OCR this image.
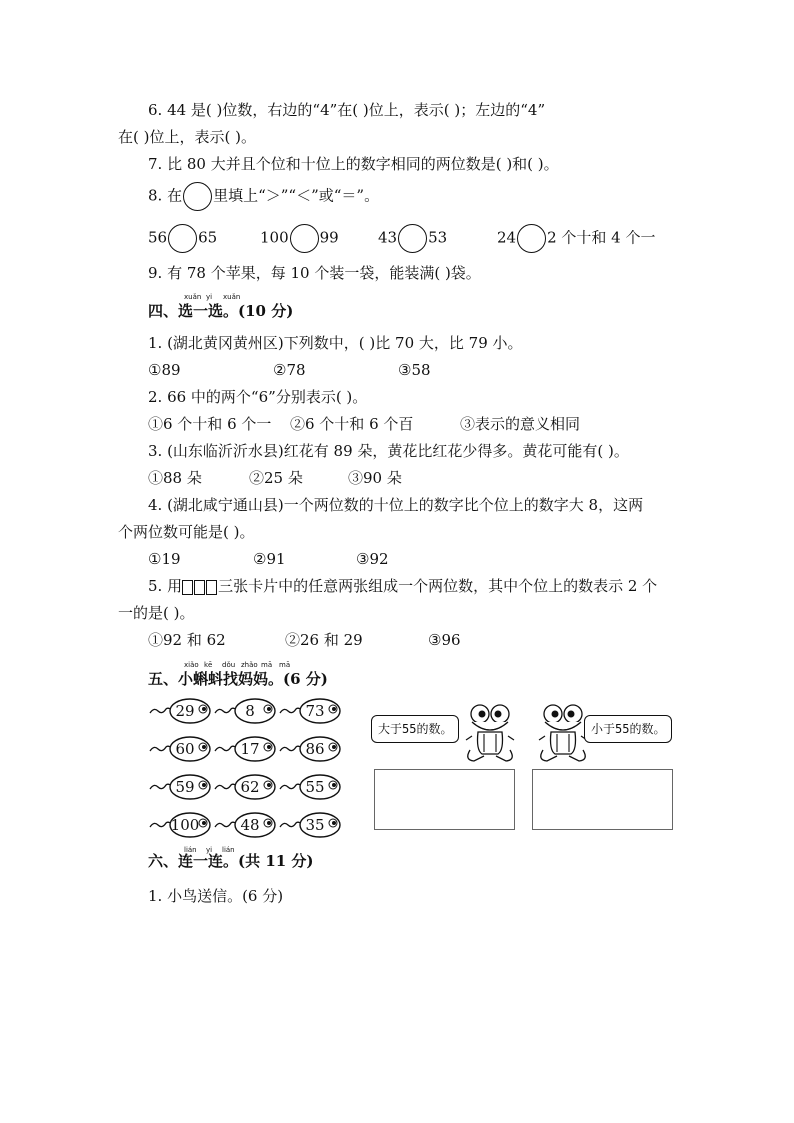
6. 44 是( )位数，右边的“4”在( )位上，表示( )；左边的“4”
在( )位上，表示( )。
7. 比 80 大并且个位和十位上的数字相同的两位数是( )和( )。
8. 在 里填上“＞”“＜”或“＝”。
56 65	100 99	43 53	24 2 个十和 4 个一
9. 有 78 个苹果，每 10 个装一袋，能装满( )袋。
xuǎn yi xuǎn
四、选一选。(10 分)
1. (湖北黄冈黄州区)下列数中，( )比 70 大，比 79 小。
①89	②78	③58
2. 66 中的两个“6”分别表示( )。
①6 个十和 6 个一 ②6 个十和 6 个百	③表示的意义相同
3. (山东临沂沂水县)红花有 89 朵，黄花比红花少得多。黄花可能有( )。
①88 朵	②25 朵	③90 朵
4. (湖北咸宁通山县)一个两位数的十位上的数字比个位上的数字大 8，这两
个两位数可能是( )。
①19	②91	③92
5. 用 三张卡片中的任意两张组成一个两位数，其中个位上的数表示 2 个
一的是( )。
①92 和 62	②26 和 29	③96
xiǎo kē dǒu zhǎo mā mā
五、小蝌蚪找妈妈。(6 分)
29	8	73
60	17	86
59	62	55
100	48	35
大于55的数。	小于55的数。
lián yi lián
六、连一连。(共 11 分)
1. 小鸟送信。(6 分)
